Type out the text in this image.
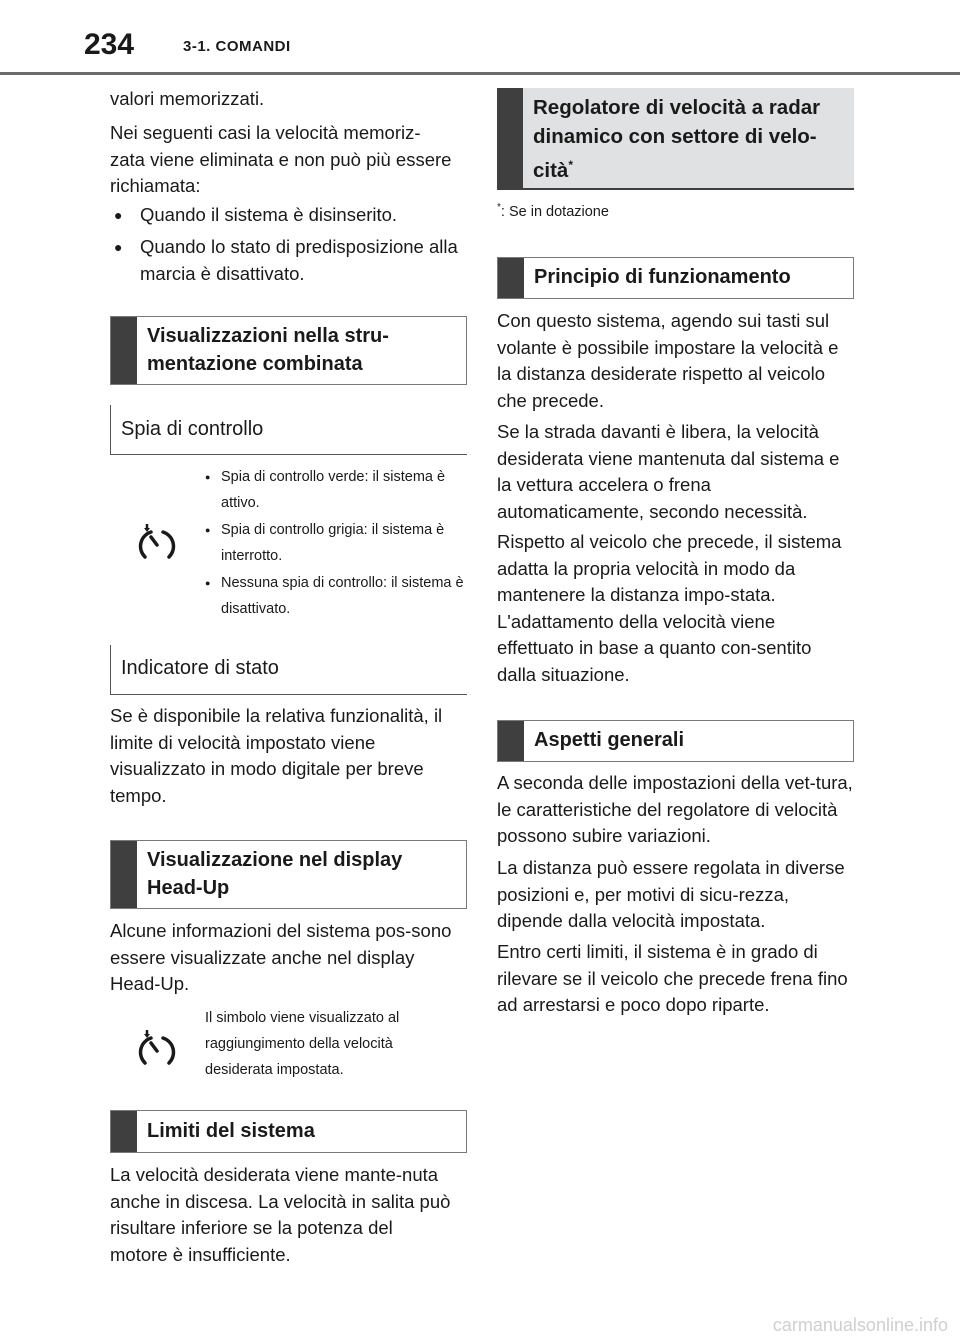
234	3-1. COMANDI
valori memorizzati.
Nei seguenti casi la velocità memoriz-zata viene eliminata e non può più essere richiamata:
● Quando il sistema è disinserito.
● Quando lo stato di predisposizione alla marcia è disattivato.
Visualizzazioni nella stru-mentazione combinata
Spia di controllo
● Spia di controllo verde: il sistema è attivo.
● Spia di controllo grigia: il sistema è interrotto.
● Nessuna spia di controllo: il sistema è disattivato.
Indicatore di stato
Se è disponibile la relativa funzionalità, il limite di velocità impostato viene visualizzato in modo digitale per breve tempo.
Visualizzazione nel display Head-Up
Alcune informazioni del sistema pos-sono essere visualizzate anche nel display Head-Up.
Il simbolo viene visualizzato al raggiungimento della velocità desiderata impostata.
Limiti del sistema
La velocità desiderata viene mante-nuta anche in discesa. La velocità in salita può risultare inferiore se la potenza del motore è insufficiente.
Regolatore di velocità a radar dinamico con settore di velo-cità*
*: Se in dotazione
Principio di funzionamento
Con questo sistema, agendo sui tasti sul volante è possibile impostare la velocità e la distanza desiderate rispetto al veicolo che precede.
Se la strada davanti è libera, la velocità desiderata viene mantenuta dal sistema e la vettura accelera o frena automaticamente, secondo necessità.
Rispetto al veicolo che precede, il sistema adatta la propria velocità in modo da mantenere la distanza impo-stata. L'adattamento della velocità viene effettuato in base a quanto con-sentito dalla situazione.
Aspetti generali
A seconda delle impostazioni della vet-tura, le caratteristiche del regolatore di velocità possono subire variazioni.
La distanza può essere regolata in diverse posizioni e, per motivi di sicu-rezza, dipende dalla velocità impostata.
Entro certi limiti, il sistema è in grado di rilevare se il veicolo che precede frena fino ad arrestarsi e poco dopo riparte.
carmanualsonline.info
